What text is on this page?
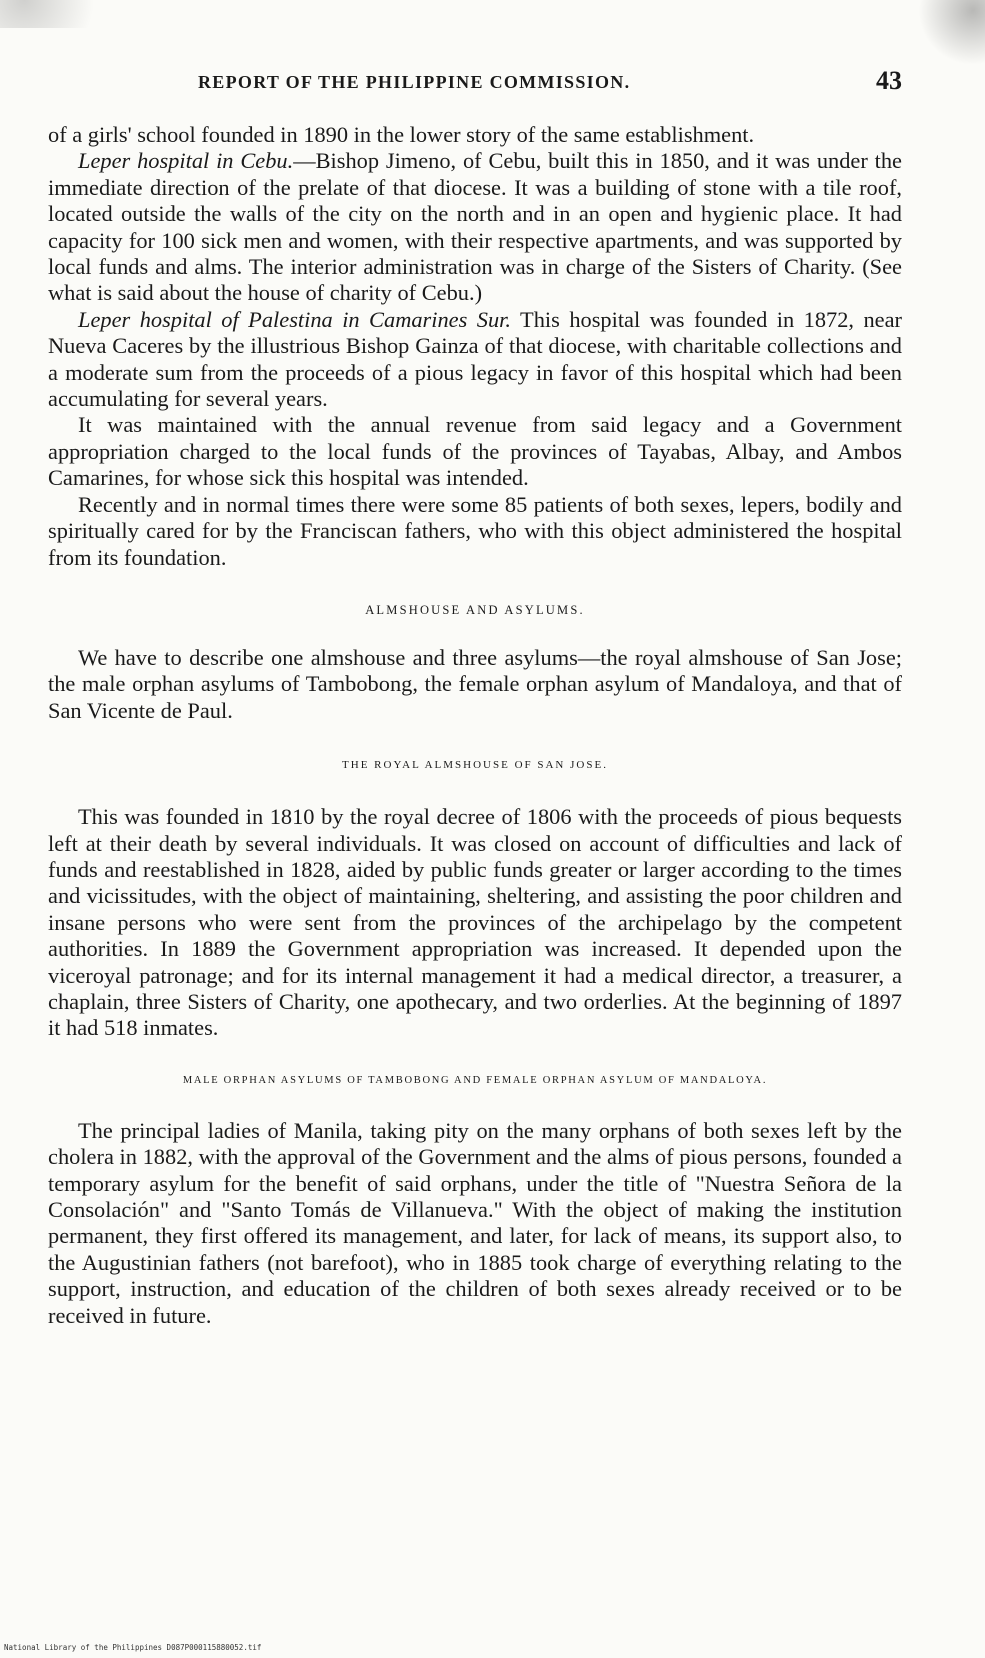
REPORT OF THE PHILIPPINE COMMISSION.	43

of a girls' school founded in 1890 in the lower story of the same establishment.

Leper hospital in Cebu.—Bishop Jimeno, of Cebu, built this in 1850, and it was under the immediate direction of the prelate of that diocese. It was a building of stone with a tile roof, located outside the walls of the city on the north and in an open and hygienic place. It had capacity for 100 sick men and women, with their respective apartments, and was supported by local funds and alms. The interior administration was in charge of the Sisters of Charity. (See what is said about the house of charity of Cebu.)

Leper hospital of Palestina in Camarines Sur. This hospital was founded in 1872, near Nueva Caceres by the illustrious Bishop Gainza of that diocese, with charitable collections and a moderate sum from the proceeds of a pious legacy in favor of this hospital which had been accumulating for several years.

It was maintained with the annual revenue from said legacy and a Government appropriation charged to the local funds of the provinces of Tayabas, Albay, and Ambos Camarines, for whose sick this hospital was intended.

Recently and in normal times there were some 85 patients of both sexes, lepers, bodily and spiritually cared for by the Franciscan fathers, who with this object administered the hospital from its foundation.

ALMSHOUSE AND ASYLUMS.

We have to describe one almshouse and three asylums—the royal almshouse of San Jose; the male orphan asylums of Tambobong, the female orphan asylum of Mandaloya, and that of San Vicente de Paul.

THE ROYAL ALMSHOUSE OF SAN JOSE.

This was founded in 1810 by the royal decree of 1806 with the proceeds of pious bequests left at their death by several individuals. It was closed on account of difficulties and lack of funds and reestablished in 1828, aided by public funds greater or larger according to the times and vicissitudes, with the object of maintaining, sheltering, and assisting the poor children and insane persons who were sent from the provinces of the archipelago by the competent authorities. In 1889 the Government appropriation was increased. It depended upon the viceroyal patronage; and for its internal management it had a medical director, a treasurer, a chaplain, three Sisters of Charity, one apothecary, and two orderlies. At the beginning of 1897 it had 518 inmates.

MALE ORPHAN ASYLUMS OF TAMBOBONG AND FEMALE ORPHAN ASYLUM OF MANDALOYA.

The principal ladies of Manila, taking pity on the many orphans of both sexes left by the cholera in 1882, with the approval of the Government and the alms of pious persons, founded a temporary asylum for the benefit of said orphans, under the title of "Nuestra Señora de la Consolación" and "Santo Tomás de Villanueva." With the object of making the institution permanent, they first offered its management, and later, for lack of means, its support also, to the Augustinian fathers (not barefoot), who in 1885 took charge of everything relating to the support, instruction, and education of the children of both sexes already received or to be received in future.

National Library of the Philippines D087P000115880052.tif
